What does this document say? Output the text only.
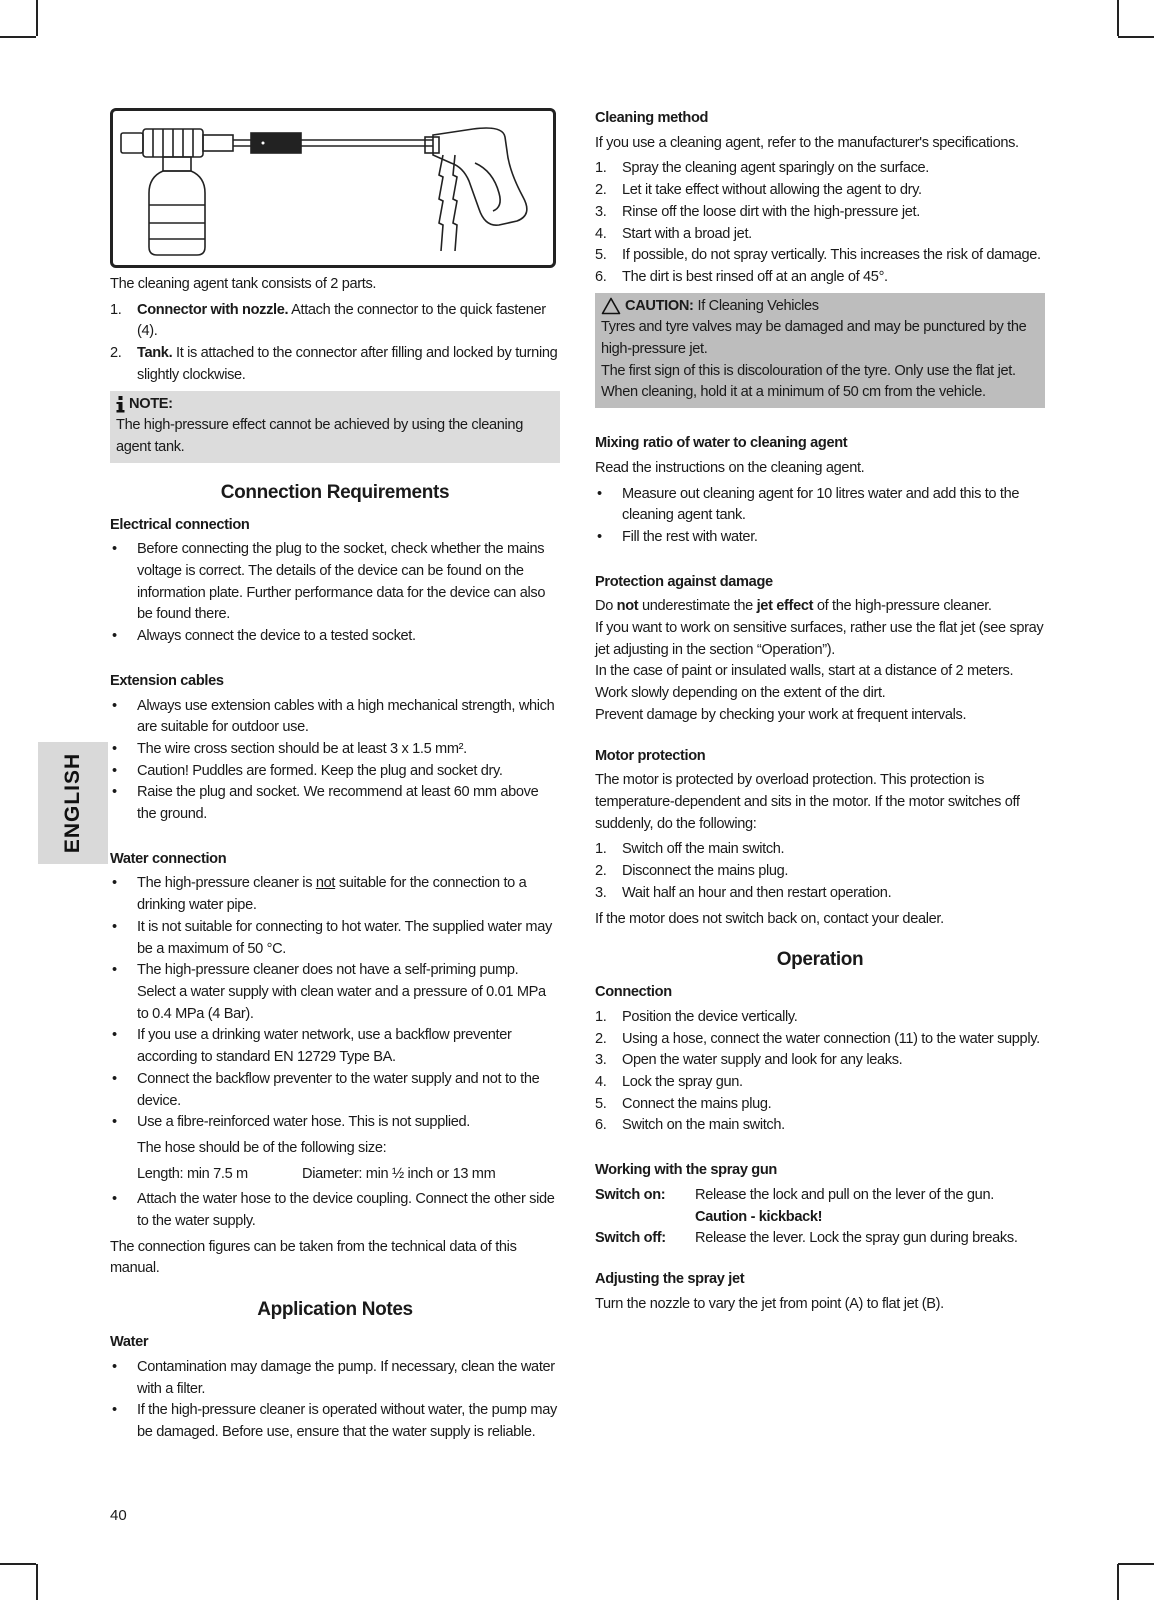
ENGLISH

The cleaning agent tank consists of 2 parts.

1. Connector with nozzle. Attach the connector to the quick fastener (4).
2. Tank. It is attached to the connector after filling and locked by turning slightly clockwise.
NOTE:
The high-pressure effect cannot be achieved by using the cleaning agent tank.
Connection Requirements
Electrical connection
• Before connecting the plug to the socket, check whether the mains voltage is correct. The details of the device can be found on the information plate. Further performance data for the device can also be found there.
• Always connect the device to a tested socket.
Extension cables
• Always use extension cables with a high mechanical strength, which are suitable for outdoor use.
• The wire cross section should be at least 3 x 1.5 mm².
• Caution! Puddles are formed. Keep the plug and socket dry.
• Raise the plug and socket. We recommend at least 60 mm above the ground.
Water connection
• The high-pressure cleaner is not suitable for the connection to a drinking water pipe.
• It is not suitable for connecting to hot water. The supplied water may be a maximum of 50 °C.
• The high-pressure cleaner does not have a self-priming pump. Select a water supply with clean water and a pressure of 0.01 MPa to 0.4 MPa (4 Bar).
• If you use a drinking water network, use a backflow preventer according to standard EN 12729 Type BA.
• Connect the backflow preventer to the water supply and not to the device.
• Use a fibre-reinforced water hose. This is not supplied.

The hose should be of the following size:

Length: min 7.5 m	Diameter: min ½ inch or 13 mm
• Attach the water hose to the device coupling. Connect the other side to the water supply.

The connection figures can be taken from the technical data of this manual.

Application Notes
Water
• Contamination may damage the pump. If necessary, clean the water with a filter.
• If the high-pressure cleaner is operated without water, the pump may be damaged. Before use, ensure that the water supply is reliable.
Cleaning method

If you use a cleaning agent, refer to the manufacturer's specifications.

1. Spray the cleaning agent sparingly on the surface.
2. Let it take effect without allowing the agent to dry.
3. Rinse off the loose dirt with the high-pressure jet.
4. Start with a broad jet.
5. If possible, do not spray vertically. This increases the risk of damage.
6. The dirt is best rinsed off at an angle of 45°.
CAUTION: If Cleaning Vehicles
Tyres and tyre valves may be damaged and may be punctured by the high-pressure jet.
The first sign of this is discolouration of the tyre. Only use the flat jet.
When cleaning, hold it at a minimum of 50 cm from the vehicle.
Mixing ratio of water to cleaning agent

Read the instructions on the cleaning agent.

• Measure out cleaning agent for 10 litres water and add this to the cleaning agent tank.
• Fill the rest with water.
Protection against damage
Do not underestimate the jet effect of the high-pressure cleaner.
If you want to work on sensitive surfaces, rather use the flat jet (see spray jet adjusting in the section “Operation”).
In the case of paint or insulated walls, start at a distance of 2 meters.
Work slowly depending on the extent of the dirt.
Prevent damage by checking your work at frequent intervals.
Motor protection

The motor is protected by overload protection. This protection is temperature-dependent and sits in the motor. If the motor switches off suddenly, do the following:

1. Switch off the main switch.
2. Disconnect the mains plug.
3. Wait half an hour and then restart operation.

If the motor does not switch back on, contact your dealer.

Operation
Connection
1. Position the device vertically.
2. Using a hose, connect the water connection (11) to the water supply.
3. Open the water supply and look for any leaks.
4. Lock the spray gun.
5. Connect the mains plug.
6. Switch on the main switch.
Working with the spray gun
Switch on:	Release the lock and pull on the lever of the gun. Caution - kickback!
Switch off:	Release the lever. Lock the spray gun during breaks.
Adjusting the spray jet

Turn the nozzle to vary the jet from point (A) to flat jet (B).

40
